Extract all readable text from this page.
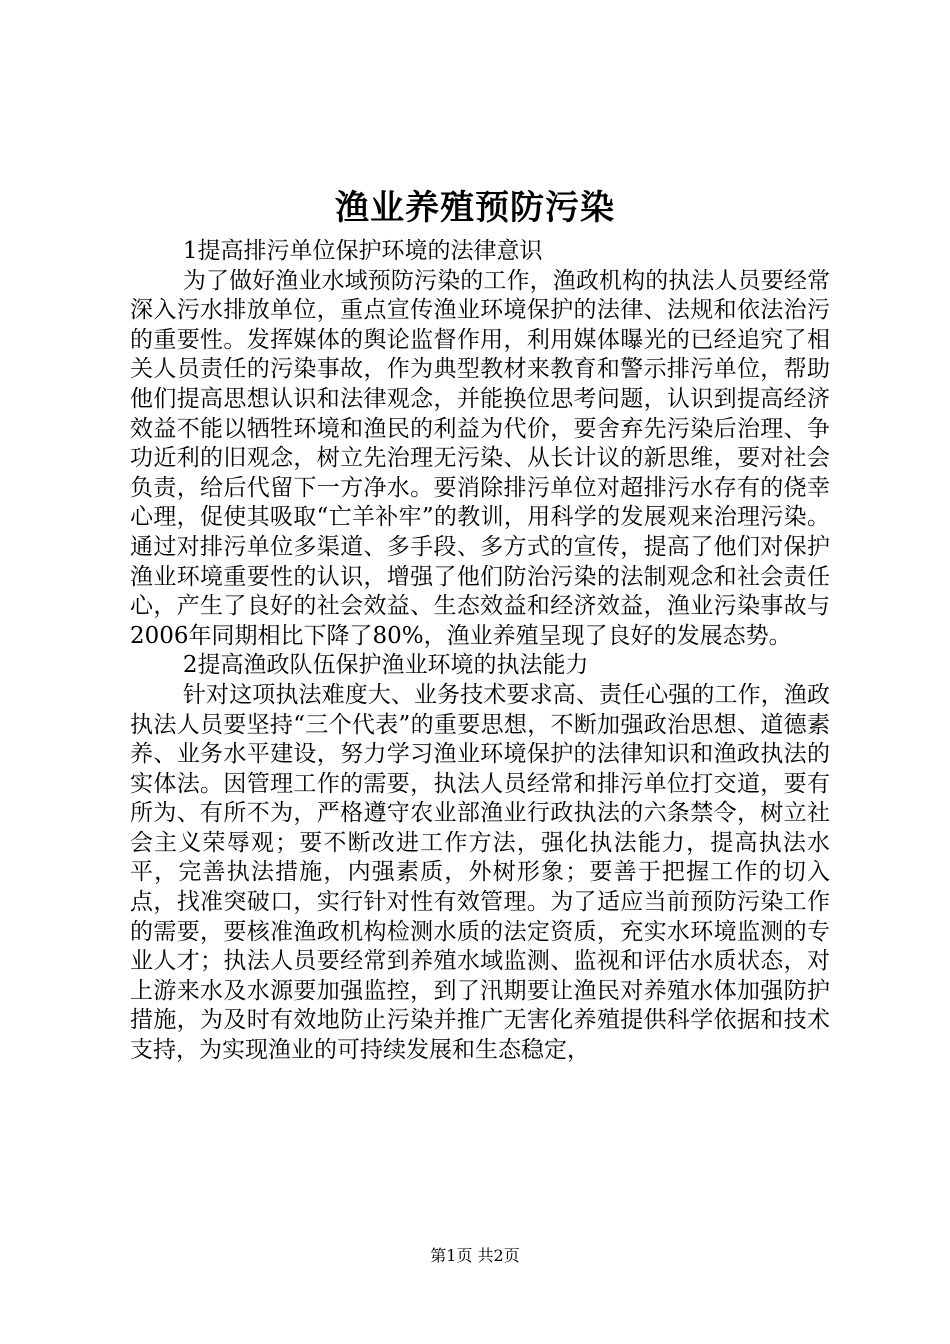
渔业养殖预防污染

1提高排污单位保护环境的法律意识

为了做好渔业水域预防污染的工作，渔政机构的执法人员要经常深入污水排放单位，重点宣传渔业环境保护的法律、法规和依法治污的重要性。发挥媒体的舆论监督作用，利用媒体曝光的已经追究了相关人员责任的污染事故，作为典型教材来教育和警示排污单位，帮助他们提高思想认识和法律观念，并能换位思考问题，认识到提高经济效益不能以牺牲环境和渔民的利益为代价，要舍弃先污染后治理、争功近利的旧观念，树立先治理无污染、从长计议的新思维，要对社会负责，给后代留下一方净水。要消除排污单位对超排污水存有的侥幸心理，促使其吸取“亡羊补牢”的教训，用科学的发展观来治理污染。通过对排污单位多渠道、多手段、多方式的宣传，提高了他们对保护渔业环境重要性的认识，增强了他们防治污染的法制观念和社会责任心，产生了良好的社会效益、生态效益和经济效益，渔业污染事故与2006年同期相比下降了80%，渔业养殖呈现了良好的发展态势。

2提高渔政队伍保护渔业环境的执法能力

针对这项执法难度大、业务技术要求高、责任心强的工作，渔政执法人员要坚持“三个代表”的重要思想，不断加强政治思想、道德素养、业务水平建设，努力学习渔业环境保护的法律知识和渔政执法的实体法。因管理工作的需要，执法人员经常和排污单位打交道，要有所为、有所不为，严格遵守农业部渔业行政执法的六条禁令，树立社会主义荣辱观；要不断改进工作方法，强化执法能力，提高执法水平，完善执法措施，内强素质，外树形象；要善于把握工作的切入点，找准突破口，实行针对性有效管理。为了适应当前预防污染工作的需要，要核准渔政机构检测水质的法定资质，充实水环境监测的专业人才；执法人员要经常到养殖水域监测、监视和评估水质状态，对上游来水及水源要加强监控，到了汛期要让渔民对养殖水体加强防护措施，为及时有效地防止污染并推广无害化养殖提供科学依据和技术支持，为实现渔业的可持续发展和生态稳定，

第1页 共2页
